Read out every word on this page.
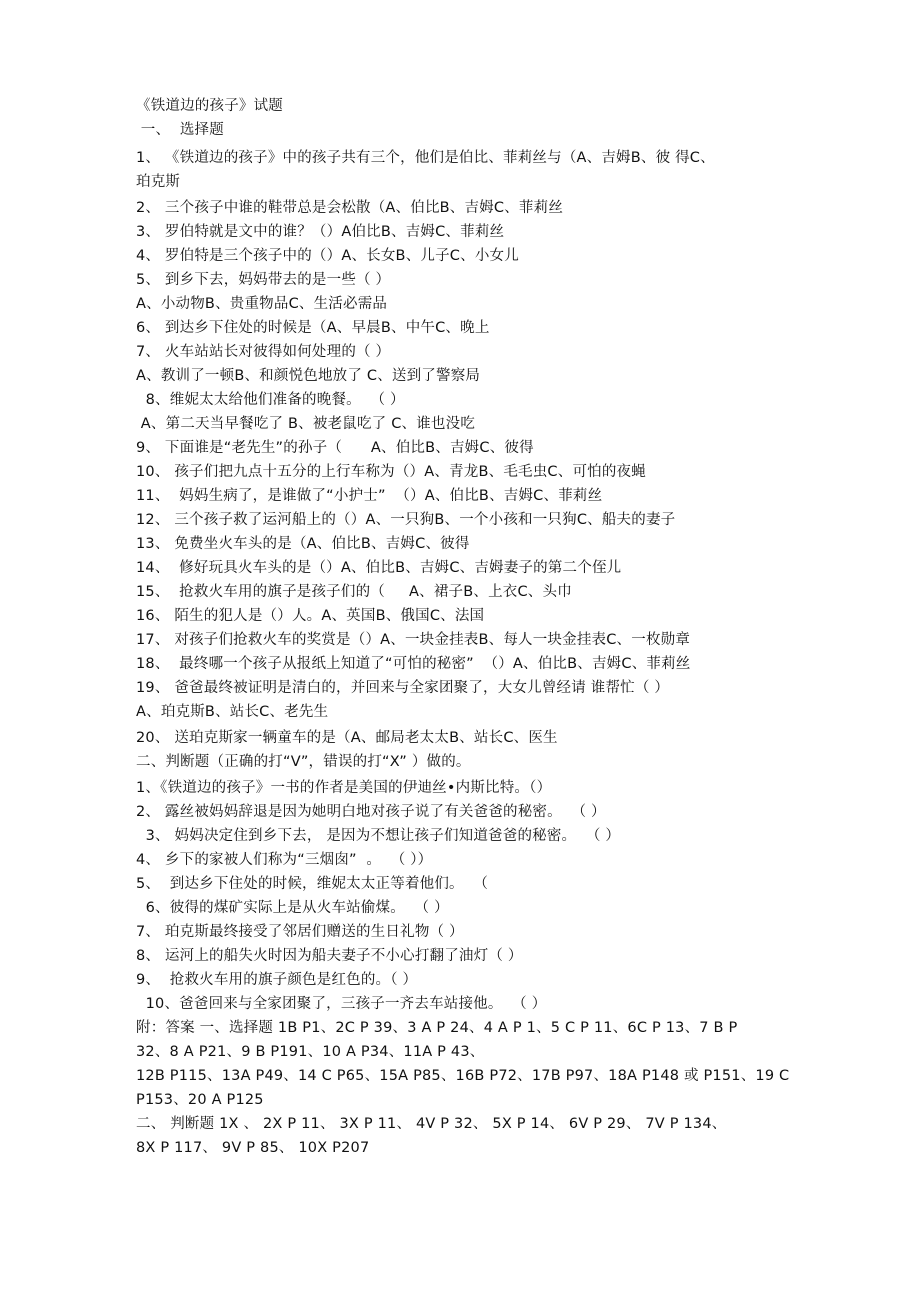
《铁道边的孩子》试题
一、  选择题
1、 《铁道边的孩子》中的孩子共有三个，他们是伯比、菲莉丝与（A、吉姆B、彼 得C、
珀克斯
2、 三个孩子中谁的鞋带总是会松散（A、伯比B、吉姆C、菲莉丝
3、 罗伯特就是文中的谁？（）A伯比B、吉姆C、菲莉丝
4、 罗伯特是三个孩子中的（）A、长女B、儿子C、小女儿
5、 到乡下去，妈妈带去的是一些（ ）
A、小动物B、贵重物品C、生活必需品
6、 到达乡下住处的时候是（A、早晨B、中午C、晚上
7、 火车站站长对彼得如何处理的（ ）
A、教训了一顿B、和颜悦色地放了 C、送到了警察局
8、维妮太太给他们准备的晚餐。  （ ）
A、第二天当早餐吃了 B、被老鼠吃了 C、谁也没吃
9、 下面谁是“老先生”的孙子（      A、伯比B、吉姆C、彼得
10、 孩子们把九点十五分的上行车称为（）A、青龙B、毛毛虫C、可怕的夜蝇
11、  妈妈生病了，是谁做了“小护士”  （）A、伯比B、吉姆C、菲莉丝
12、 三个孩子救了运河船上的（）A、一只狗B、一个小孩和一只狗C、船夫的妻子
13、 免费坐火车头的是（A、伯比B、吉姆C、彼得
14、  修好玩具火车头的是（）A、伯比B、吉姆C、吉姆妻子的第二个侄儿
15、  抢救火车用的旗子是孩子们的（     A、裙子B、上衣C、头巾
16、 陌生的犯人是（）人。A、英国B、俄国C、法国
17、 对孩子们抢救火车的奖赏是（）A、一块金挂表B、每人一块金挂表C、一枚勋章
18、  最终哪一个孩子从报纸上知道了“可怕的秘密”  （）A、伯比B、吉姆C、菲莉丝
19、 爸爸最终被证明是清白的，并回来与全家团聚了，大女儿曾经请 谁帮忙（ ）
A、珀克斯B、站长C、老先生
20、 送珀克斯家一辆童车的是（A、邮局老太太B、站长C、医生
二、判断题（正确的打“V”，错误的打“X” ）做的。
1、《铁道边的孩子》一书的作者是美国的伊迪丝•内斯比特。（）
2、 露丝被妈妈辞退是因为她明白地对孩子说了有关爸爸的秘密。  （ ）
3、 妈妈决定住到乡下去， 是因为不想让孩子们知道爸爸的秘密。  （ ）
4、 乡下的家被人们称为“三烟囱”  。  （ ））
5、  到达乡下住处的时候，维妮太太正等着他们。  （
6、彼得的煤矿实际上是从火车站偷煤。  （ ）
7、 珀克斯最终接受了邻居们赠送的生日礼物（ ）
8、 运河上的船失火时因为船夫妻子不小心打翻了油灯（ ）
9、  抢救火车用的旗子颜色是红色的。（ ）
10、爸爸回来与全家团聚了，三孩子一齐去车站接他。  （ ）
附：答案 一、选择题 1B P1、2C P 39、3 A P 24、4 A P 1、5 C P 11、6C P 13、7 B P
32、8 A P21、9 B P191、10 A P34、11A P 43、
12B P115、13A P49、14 C P65、15A P85、16B P72、17B P97、18A P148 或 P151、19 C
P153、20 A P125
二、 判断题 1X 、 2X P 11、 3X P 11、 4V P 32、 5X P 14、 6V P 29、 7V P 134、
8X P 117、 9V P 85、 10X P207
